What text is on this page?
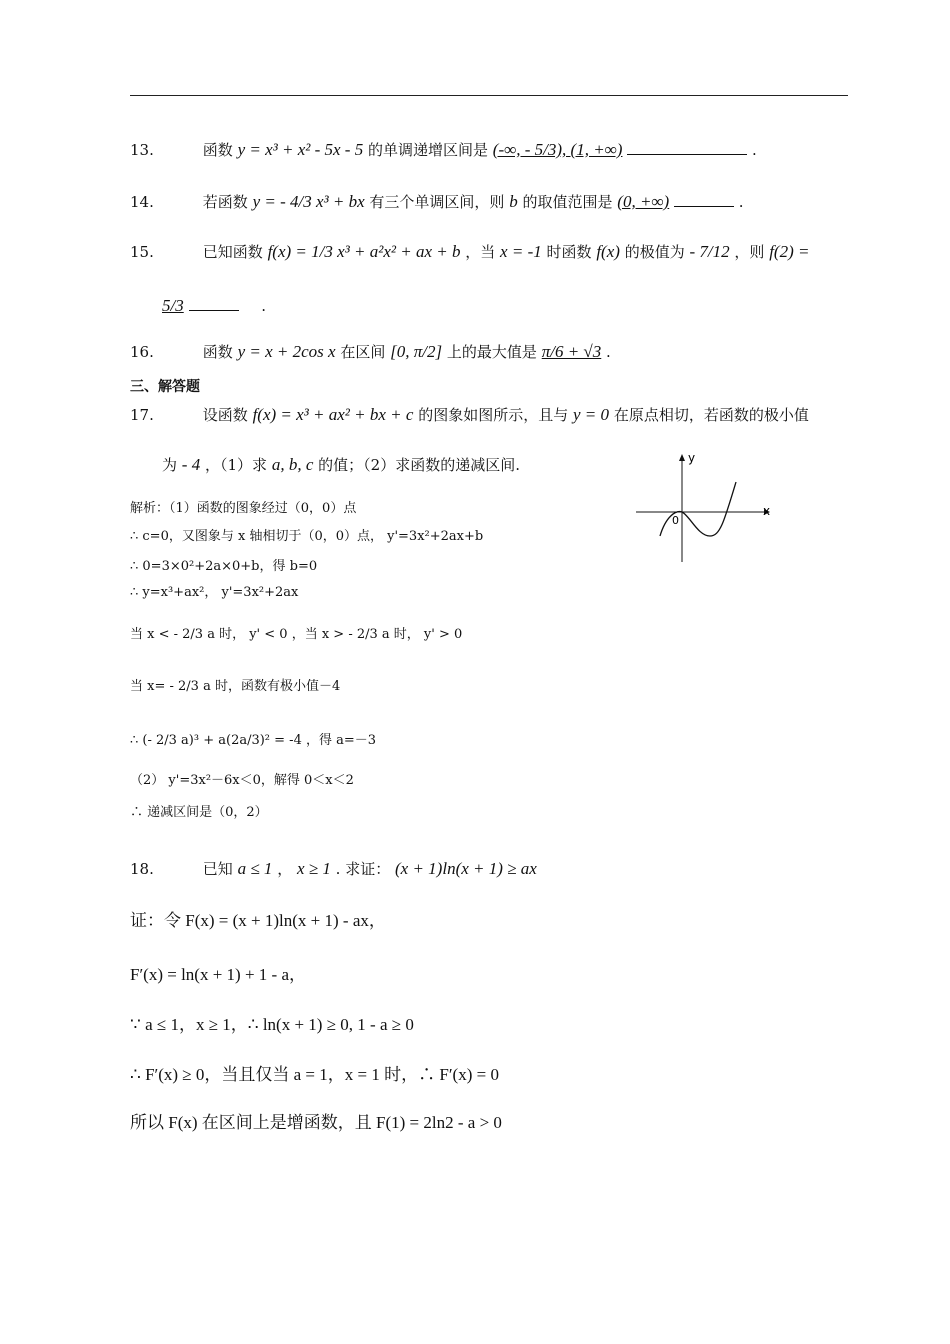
13.	函数 y = x³ + x² - 5x - 5 的单调递增区间是 (-∞, - 5/3), (1, +∞)	.
14.	若函数 y = - 4/3 x³ + bx 有三个单调区间，则 b 的取值范围是 (0, +∞)	.
15.	已知函数 f(x) = 1/3 x³ + a²x² + ax + b ，当 x = -1 时函数 f(x) 的极值为 - 7/12 ，则 f(2) =
5/3	.
16.	函数 y = x + 2cos x 在区间 [0, π/2] 上的最大值是 π/6 + √3 .
三、解答题
17.	设函数 f(x) = x³ + ax² + bx + c 的图象如图所示，且与 y = 0 在原点相切，若函数的极小值
为 - 4 ，（1）求 a, b, c 的值；（2）求函数的递减区间.	y
x
0
解析：（1）函数的图象经过（0，0）点
∴ c=0，又图象与 x 轴相切于（0，0）点， y'=3x²+2ax+b
∴ 0=3×0²+2a×0+b，得 b=0
∴ y=x³+ax²， y'=3x²+2ax
当 x < - 2/3 a 时， y' < 0 ，当 x > - 2/3 a 时， y' > 0
当 x= - 2/3 a 时，函数有极小值－4
∴ (- 2/3 a)³ + a(2a/3)² = -4 ，得 a=－3
（2） y'=3x²－6x＜0，解得 0＜x＜2
∴ 递减区间是（0，2）
18.	已知 a ≤ 1 ， x ≥ 1 . 求证： (x + 1)ln(x + 1) ≥ ax
证：令 F(x) = (x + 1)ln(x + 1) - ax，
F′(x) = ln(x + 1) + 1 - a，
∵ a ≤ 1，x ≥ 1，∴ ln(x + 1) ≥ 0, 1 - a ≥ 0
∴ F′(x) ≥ 0，当且仅当 a = 1，x = 1 时，∴ F′(x) = 0
所以 F(x) 在区间上是增函数，且 F(1) = 2ln2 - a > 0
